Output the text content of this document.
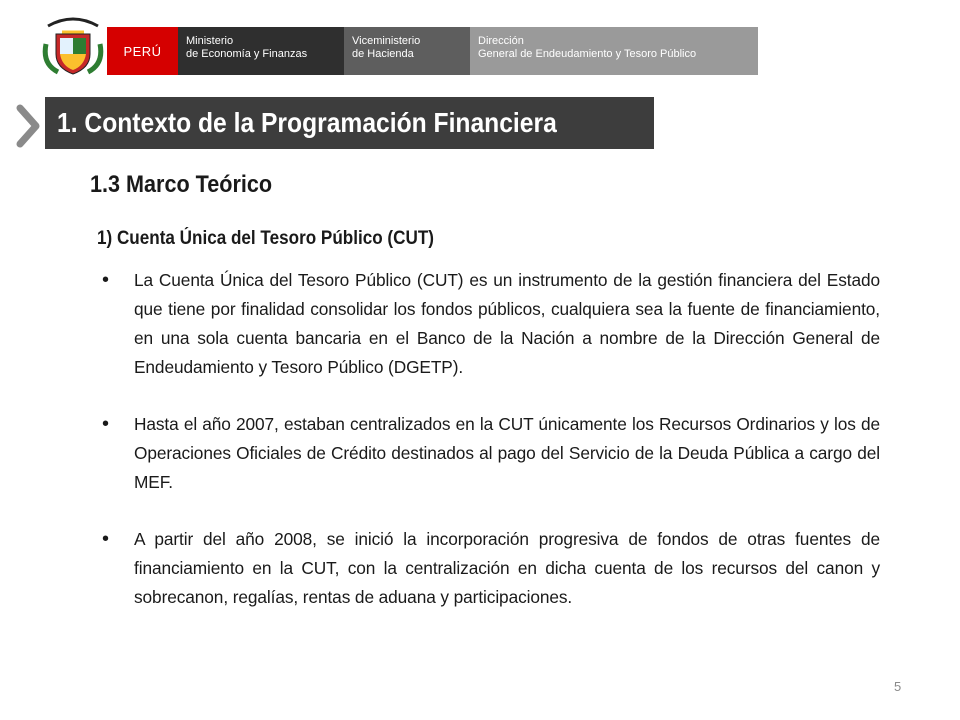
PERÚ
Ministerio
de Economía y Finanzas
Viceministerio
de Hacienda
Dirección
General de Endeudamiento y Tesoro Público
1. Contexto de la Programación Financiera
1.3 Marco Teórico
1) Cuenta Única del Tesoro Público (CUT)
• La Cuenta Única del Tesoro Público (CUT) es un instrumento de la gestión financiera del Estado que tiene por finalidad consolidar los fondos públicos, cualquiera sea la fuente de financiamiento, en una sola cuenta bancaria en el Banco de la Nación a nombre de la Dirección General de Endeudamiento y Tesoro Público (DGETP).
• Hasta el año 2007, estaban centralizados en la CUT únicamente los Recursos Ordinarios y los de Operaciones Oficiales de Crédito destinados al pago del Servicio de la Deuda Pública a cargo del MEF.
• A partir del año 2008, se inició la incorporación progresiva de fondos de otras fuentes de financiamiento en la CUT, con la centralización en dicha cuenta de los recursos del canon y sobrecanon, regalías, rentas de aduana y participaciones.
5
